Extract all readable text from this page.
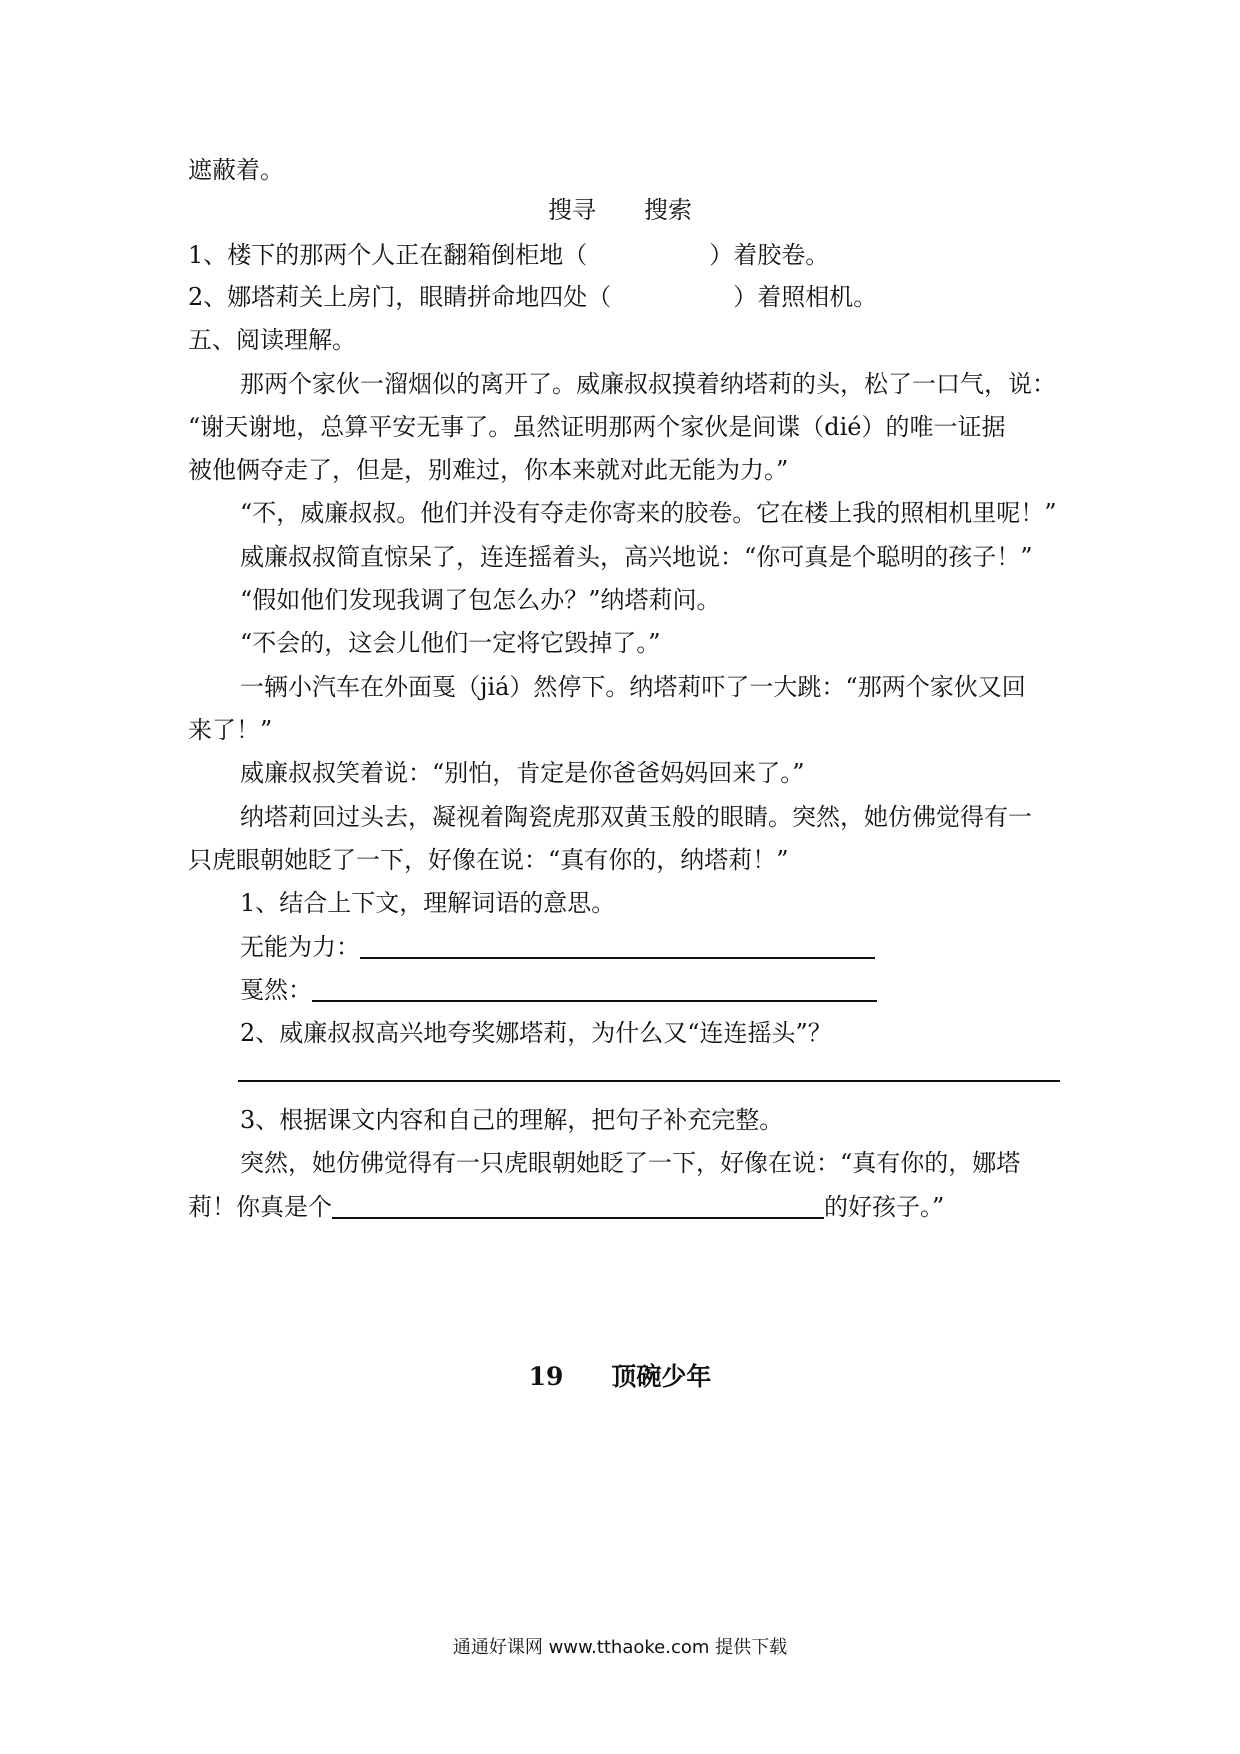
遮蔽着。
搜寻 搜索
1、楼下的那两个人正在翻箱倒柜地（	）着胶卷。
2、娜塔莉关上房门，眼睛拼命地四处（	）着照相机。
五、阅读理解。
那两个家伙一溜烟似的离开了。威廉叔叔摸着纳塔莉的头，松了一口气，说：
“谢天谢地，总算平安无事了。虽然证明那两个家伙是间谍（dié）的唯一证据
被他俩夺走了，但是，别难过，你本来就对此无能为力。”
“不，威廉叔叔。他们并没有夺走你寄来的胶卷。它在楼上我的照相机里呢！”
威廉叔叔简直惊呆了，连连摇着头，高兴地说：“你可真是个聪明的孩子！”
“假如他们发现我调了包怎么办？”纳塔莉问。
“不会的，这会儿他们一定将它毁掉了。”
一辆小汽车在外面戛（jiá）然停下。纳塔莉吓了一大跳：“那两个家伙又回
来了！”
威廉叔叔笑着说：“别怕，肯定是你爸爸妈妈回来了。”
纳塔莉回过头去，凝视着陶瓷虎那双黄玉般的眼睛。突然，她仿佛觉得有一
只虎眼朝她眨了一下，好像在说：“真有你的，纳塔莉！”
1、结合上下文，理解词语的意思。
无能为力：
戛然：
2、威廉叔叔高兴地夸奖娜塔莉，为什么又“连连摇头”？
3、根据课文内容和自己的理解，把句子补充完整。
突然，她仿佛觉得有一只虎眼朝她眨了一下，好像在说：“真有你的，娜塔
莉！你真是个	的好孩子。”
19 顶碗少年
通通好课网 www.tthaoke.com 提供下载
